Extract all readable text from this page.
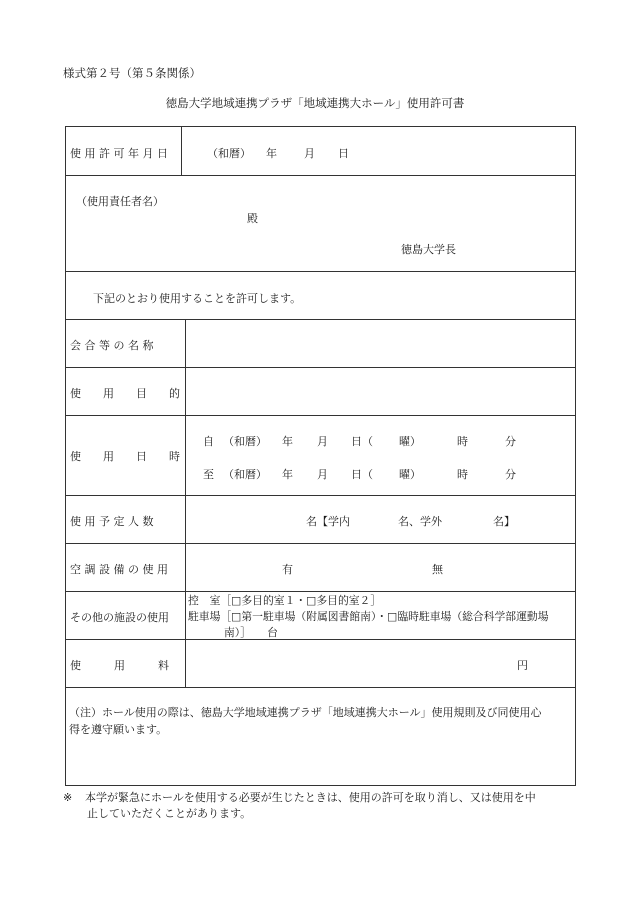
様式第２号（第５条関係）
徳島大学地域連携プラザ「地域連携大ホール」使用許可書
使 用 許 可 年 月 日	（和暦） 年 月 日
（使用責任者名）
殿
徳島大学長
下記のとおり使用することを許可します。
会 合 等 の 名 称
使　　用　　目　　的
使　　用　　日　　時
自 （和暦） 年 月 日（ 曜）	時	分
至 （和暦） 年 月 日（ 曜）	時	分
使 用 予 定 人 数	名【学内	名、学外	名】
空 調 設 備 の 使 用	有	無
その他の施設の使用
控　室［□多目的室１・□多目的室２］
駐車場［□第一駐車場（附属図書館南）・□臨時駐車場（総合科学部運動場
南）］　　台
使　　　用　　　料	円
（注）ホール使用の際は、徳島大学地域連携プラザ「地域連携大ホール」使用規則及び同使用心
得を遵守願います。
※	本学が緊急にホールを使用する必要が生じたときは、使用の許可を取り消し、又は使用を中
止していただくことがあります。
